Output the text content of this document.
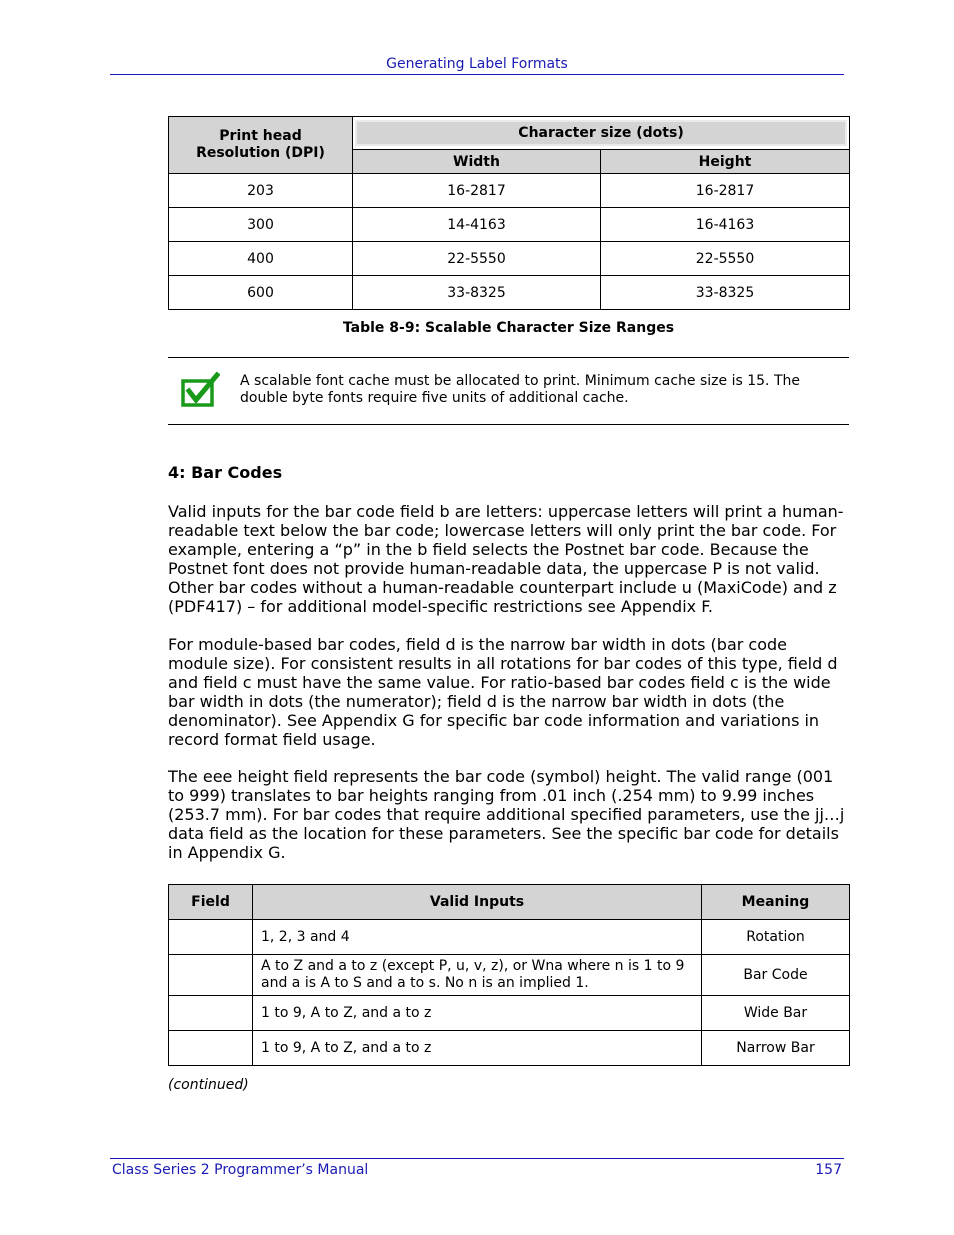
Generating Label Formats
Print head Resolution (DPI)	Character size (dots)	

	Width	Height
203	16-2817	16-2817
300	14-4163	16-4163
400	22-5550	22-5550
600	33-8325	33-8325
Table 8-9: Scalable Character Size Ranges
A scalable font cache must be allocated to print. Minimum cache size is 15. The double byte fonts require five units of additional cache.
4: Bar Codes

Valid inputs for the bar code field b are letters: uppercase letters will print a human-readable text below the bar code; lowercase letters will only print the bar code. For example, entering a “p” in the b field selects the Postnet bar code. Because the Postnet font does not provide human-readable data, the uppercase P is not valid. Other bar codes without a human-readable counterpart include u (MaxiCode) and z (PDF417) – for additional model-specific restrictions see Appendix F.

For module-based bar codes, field d is the narrow bar width in dots (bar code module size). For consistent results in all rotations for bar codes of this type, field d and field c must have the same value. For ratio-based bar codes field c is the wide bar width in dots (the numerator); field d is the narrow bar width in dots (the denominator). See Appendix G for specific bar code information and variations in record format field usage.

The eee height field represents the bar code (symbol) height. The valid range (001 to 999) translates to bar heights ranging from .01 inch (.254 mm) to 9.99 inches (253.7 mm). For bar codes that require additional specified parameters, use the jj…j data field as the location for these parameters. See the specific bar code for details in Appendix G.

Field	Valid Inputs	Meaning
	1, 2, 3 and 4	Rotation
	A to Z and a to z (except P, u, v, z), or Wna where n is 1 to 9 and a is A to S and a to s. No n is an implied 1.	Bar Code
	1 to 9, A to Z, and a to z	Wide Bar
	1 to 9, A to Z, and a to z	Narrow Bar
(continued)
Class Series 2 Programmer’s Manual	157
